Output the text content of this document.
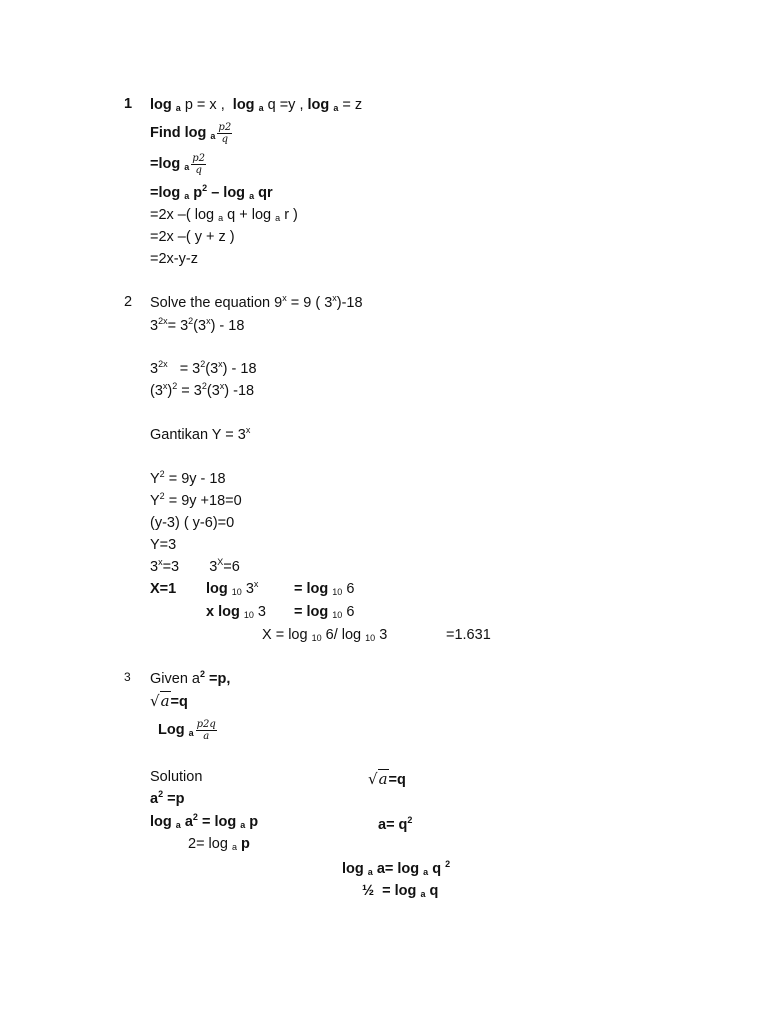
1 log $_a$ p = x , log $_a$ q =y , log $_a$ = z
Find $\log _a \frac{p2}{q}$
=log $_a \frac{p2}{q}$
=log $_a$ $p^2$ – log $_a$ qr
=2x –( log $_a$ q + log $_a$ r )
=2x –( y + z )
=2x-y-z
2 Solve the equation $9^x = 9$ ( 3$^x$)-18
$3^{2x}= 3^2(3^x) - 18$
$3^{2x} = 3^2(3^x) - 18$
$(3^x)^2 = 3^2(3^x)$ -18
Gantikan $Y = 3^x$
$Y^2 = 9y - 18$
$Y^2 = 9y +18=0$
(y-3) ( y-6)=0
Y=3
$3^x=3$ $3^X=6$
X=1 log $_{10}$ $3^x = \log _{10}$ 6
x log $_{10}$ 3 = log $_{10}$ 6
X = log $_{10}$ 6/ log $_{10}$ 3	=1.631
3 Given $a^2 =p$,
√a=q
Log $_a \frac{p2q}{a}$
Solution	√a=q
$a^2 =p$
log $_a$ $a^2 = \log _a$ p	$a= q^2$
2= log $_a$ p
log $_a$ a= log $_a$ q $^2$
½ = log $_a$ q
